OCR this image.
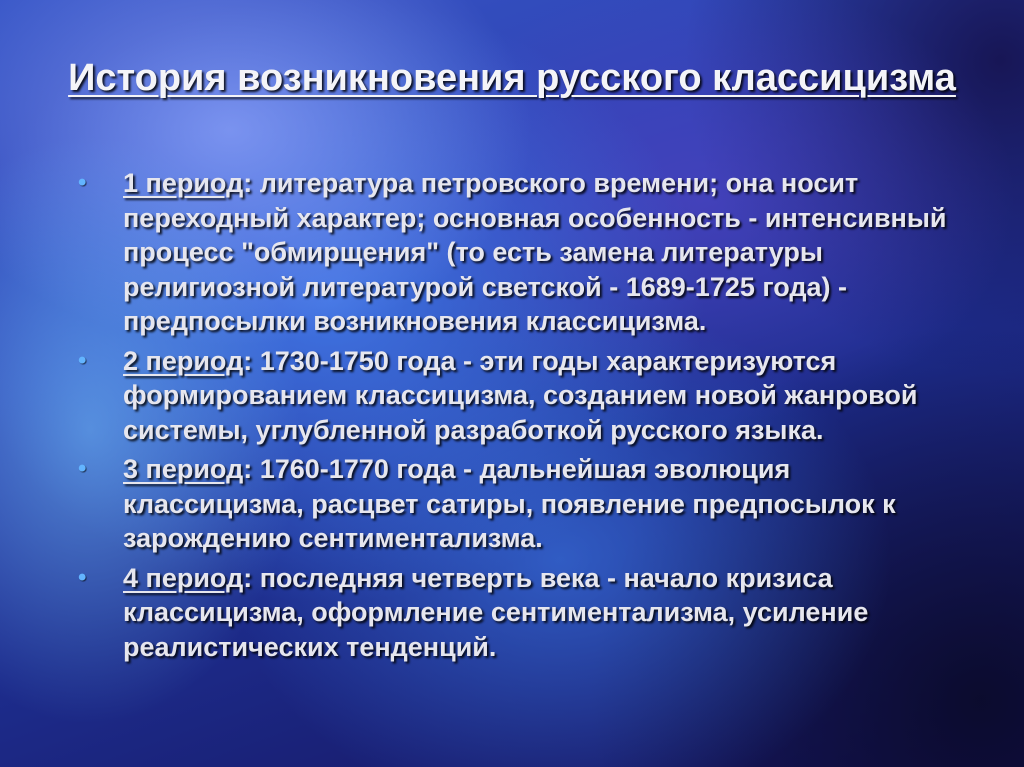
История возникновения русского классицизма
• 1 период: литература петровского времени; она носит переходный характер; основная особенность - интенсивный процесс "обмирщения" (то есть замена литературы религиозной литературой светской - 1689-1725 года) - предпосылки возникновения классицизма.
• 2 период: 1730-1750 года - эти годы характеризуются формированием классицизма, созданием новой жанровой системы, углубленной разработкой русского языка.
• 3 период: 1760-1770 года - дальнейшая эволюция классицизма, расцвет сатиры, появление предпосылок к зарождению сентиментализма.
• 4 период: последняя четверть века - начало кризиса классицизма, оформление сентиментализма, усиление реалистических тенденций.
